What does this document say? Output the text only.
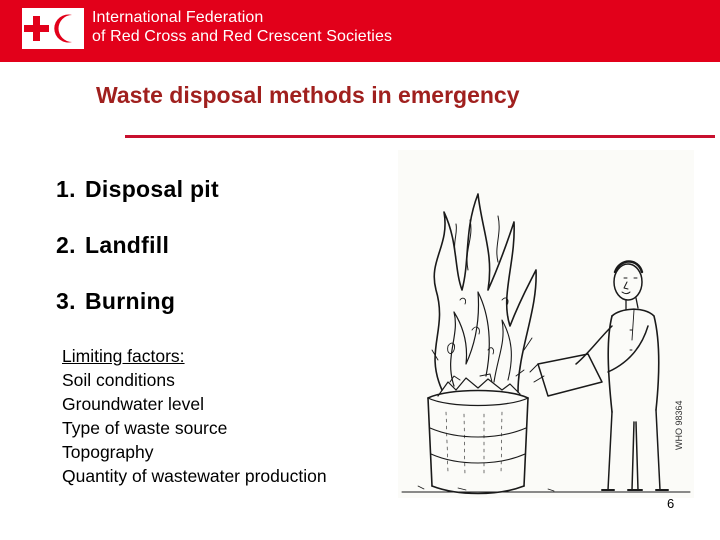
International Federation
of Red Cross and Red Crescent Societies
Waste disposal methods in emergency
1. Disposal pit
2. Landfill
3. Burning
Limiting factors:
Soil conditions
Groundwater level
Type of waste source
Topography
Quantity of wastewater production
WHO 98364
6
